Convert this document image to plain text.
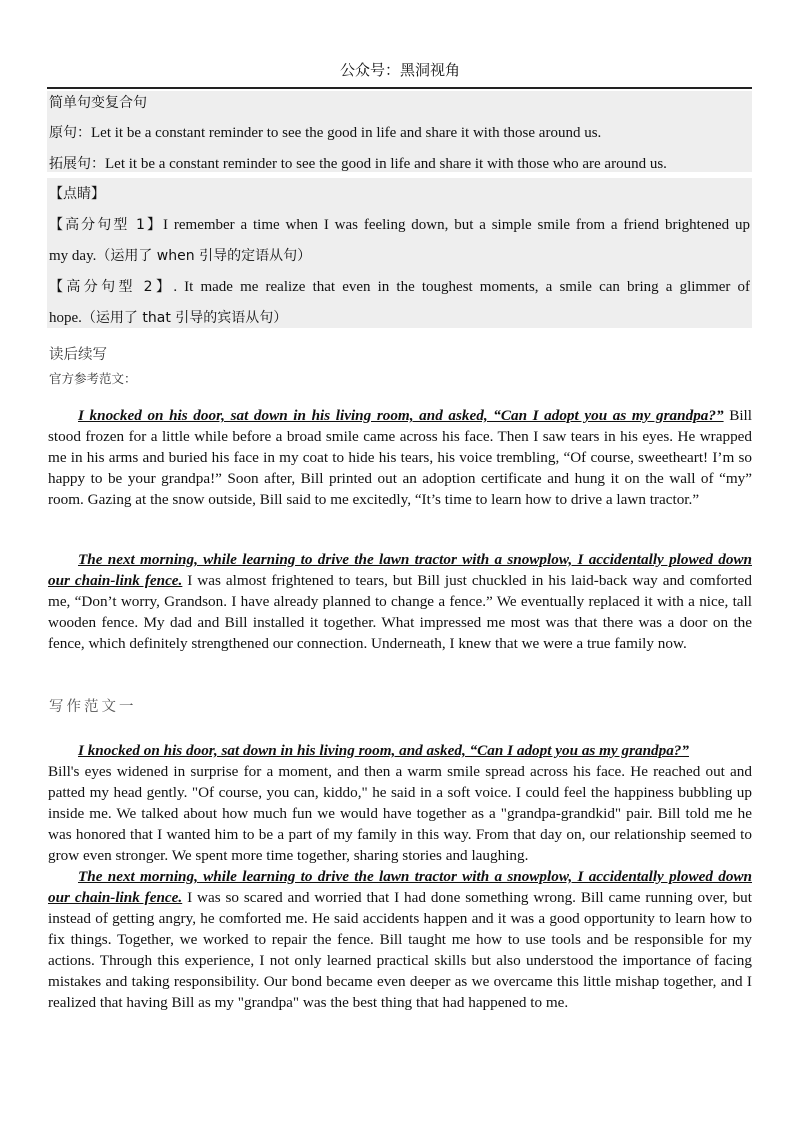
公众号：黑洞视角
简单句变复合句
原句：Let it be a constant reminder to see the good in life and share it with those around us.
拓展句：Let it be a constant reminder to see the good in life and share it with those who are around us.
【点睛】
【高分句型 1】I remember a time when I was feeling down, but a simple smile from a friend brightened up
my day.（运用了 when 引导的定语从句）
【高分句型 2】. It made me realize that even in the toughest moments, a smile can bring a glimmer of
hope.（运用了 that 引导的宾语从句）
读后续写
官方参考范文：
I knocked on his door, sat down in his living room, and asked, “Can I adopt you as my grandpa?” Bill stood frozen for a little while before a broad smile came across his face. Then I saw tears in his eyes. He wrapped me in his arms and buried his face in my coat to hide his tears, his voice trembling, “Of course, sweetheart! I’m so happy to be your grandpa!” Soon after, Bill printed out an adoption certificate and hung it on the wall of “my” room. Gazing at the snow outside, Bill said to me excitedly, “It’s time to learn how to drive a lawn tractor.”
The next morning, while learning to drive the lawn tractor with a snowplow, I accidentally plowed down our chain-link fence. I was almost frightened to tears, but Bill just chuckled in his laid-back way and comforted me, “Don’t worry, Grandson. I have already planned to change a fence.” We eventually replaced it with a nice, tall wooden fence. My dad and Bill installed it together. What impressed me most was that there was a door on the fence, which definitely strengthened our connection. Underneath, I knew that we were a true family now.
写作范文一
I knocked on his door, sat down in his living room, and asked, “Can I adopt you as my grandpa?”
Bill's eyes widened in surprise for a moment, and then a warm smile spread across his face. He reached out and patted my head gently. "Of course, you can, kiddo," he said in a soft voice. I could feel the happiness bubbling up inside me. We talked about how much fun we would have together as a "grandpa-grandkid" pair. Bill told me he was honored that I wanted him to be a part of my family in this way. From that day on, our relationship seemed to grow even stronger. We spent more time together, sharing stories and laughing.
The next morning, while learning to drive the lawn tractor with a snowplow, I accidentally plowed down our chain-link fence. I was so scared and worried that I had done something wrong. Bill came running over, but instead of getting angry, he comforted me. He said accidents happen and it was a good opportunity to learn how to fix things. Together, we worked to repair the fence. Bill taught me how to use tools and be responsible for my actions. Through this experience, I not only learned practical skills but also understood the importance of facing mistakes and taking responsibility. Our bond became even deeper as we overcame this little mishap together, and I realized that having Bill as my "grandpa" was the best thing that had happened to me.
